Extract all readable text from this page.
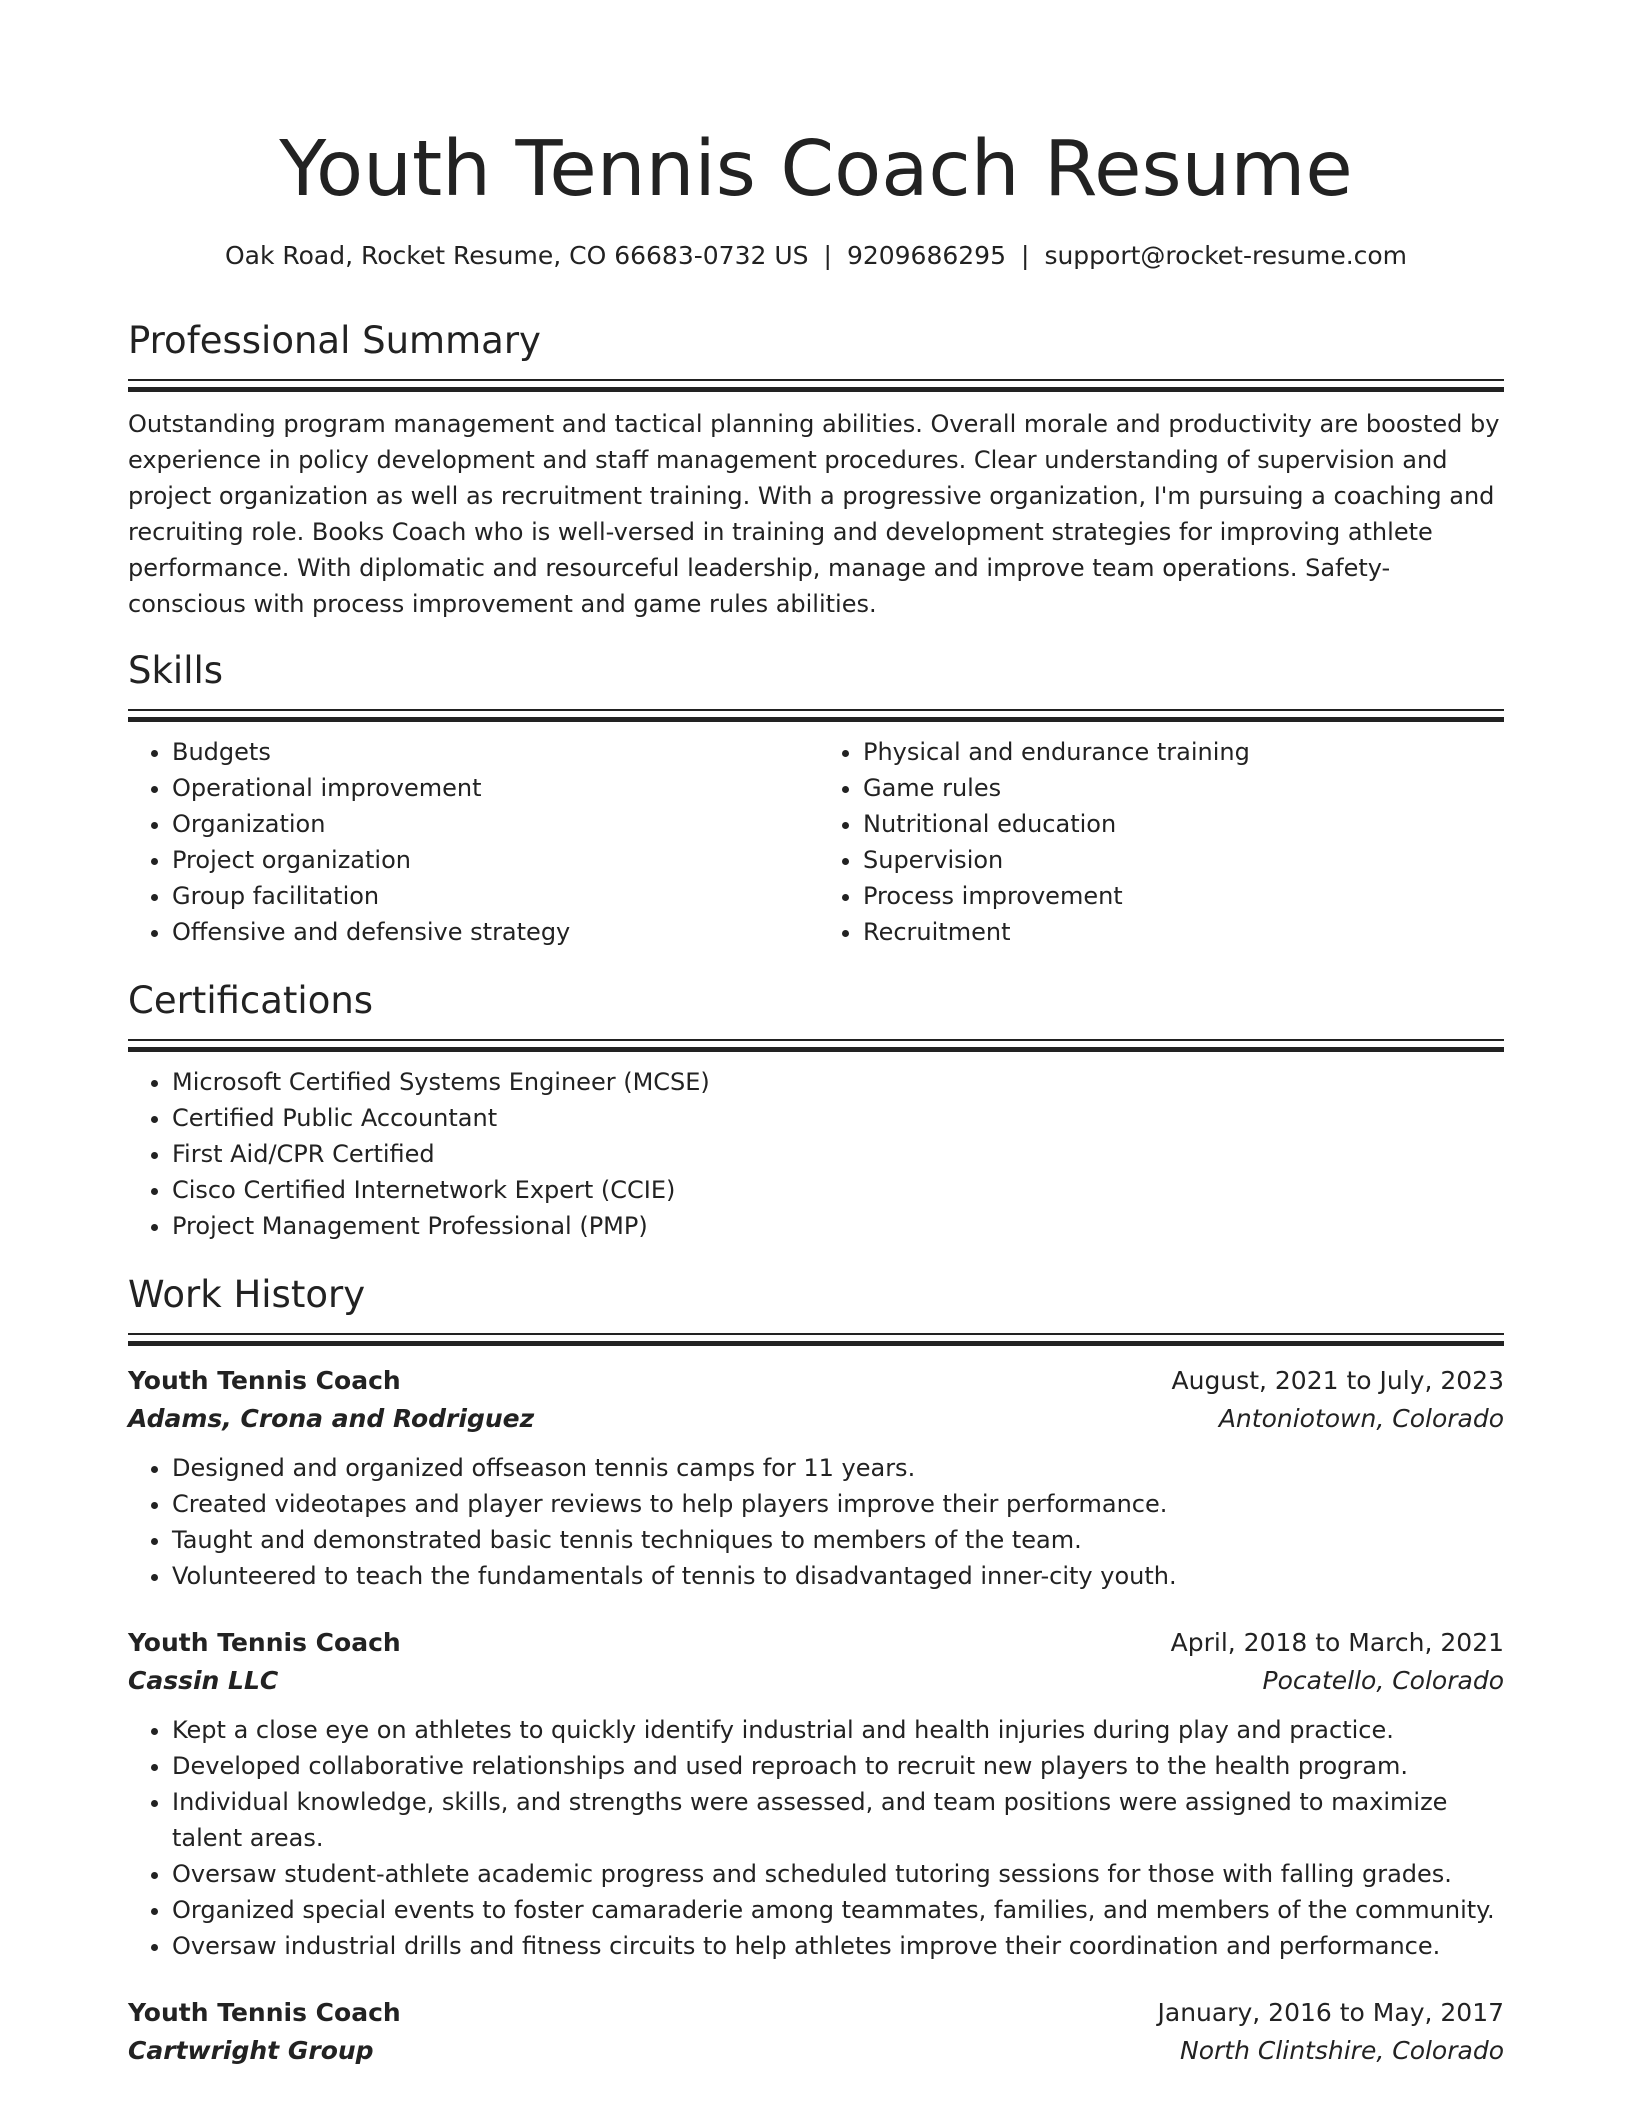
Youth Tennis Coach Resume
Oak Road, Rocket Resume, CO 66683-0732 US | 9209686295 | support@rocket-resume.com
Professional Summary
Outstanding program management and tactical planning abilities. Overall morale and productivity are boosted by experience in policy development and staff management procedures. Clear understanding of supervision and project organization as well as recruitment training. With a progressive organization, I'm pursuing a coaching and recruiting role. Books Coach who is well-versed in training and development strategies for improving athlete performance. With diplomatic and resourceful leadership, manage and improve team operations. Safety-conscious with process improvement and game rules abilities.
Skills
• Budgets
• Operational improvement
• Organization
• Project organization
• Group facilitation
• Offensive and defensive strategy
• Physical and endurance training
• Game rules
• Nutritional education
• Supervision
• Process improvement
• Recruitment
Certifications
• Microsoft Certified Systems Engineer (MCSE)
• Certified Public Accountant
• First Aid/CPR Certified
• Cisco Certified Internetwork Expert (CCIE)
• Project Management Professional (PMP)
Work History
Youth Tennis Coach	August, 2021 to July, 2023
Adams, Crona and Rodriguez	Antoniotown, Colorado
• Designed and organized offseason tennis camps for 11 years.
• Created videotapes and player reviews to help players improve their performance.
• Taught and demonstrated basic tennis techniques to members of the team.
• Volunteered to teach the fundamentals of tennis to disadvantaged inner-city youth.
Youth Tennis Coach	April, 2018 to March, 2021
Cassin LLC	Pocatello, Colorado
• Kept a close eye on athletes to quickly identify industrial and health injuries during play and practice.
• Developed collaborative relationships and used reproach to recruit new players to the health program.
• Individual knowledge, skills, and strengths were assessed, and team positions were assigned to maximize talent areas.
• Oversaw student-athlete academic progress and scheduled tutoring sessions for those with falling grades.
• Organized special events to foster camaraderie among teammates, families, and members of the community.
• Oversaw industrial drills and fitness circuits to help athletes improve their coordination and performance.
Youth Tennis Coach	January, 2016 to May, 2017
Cartwright Group	North Clintshire, Colorado
